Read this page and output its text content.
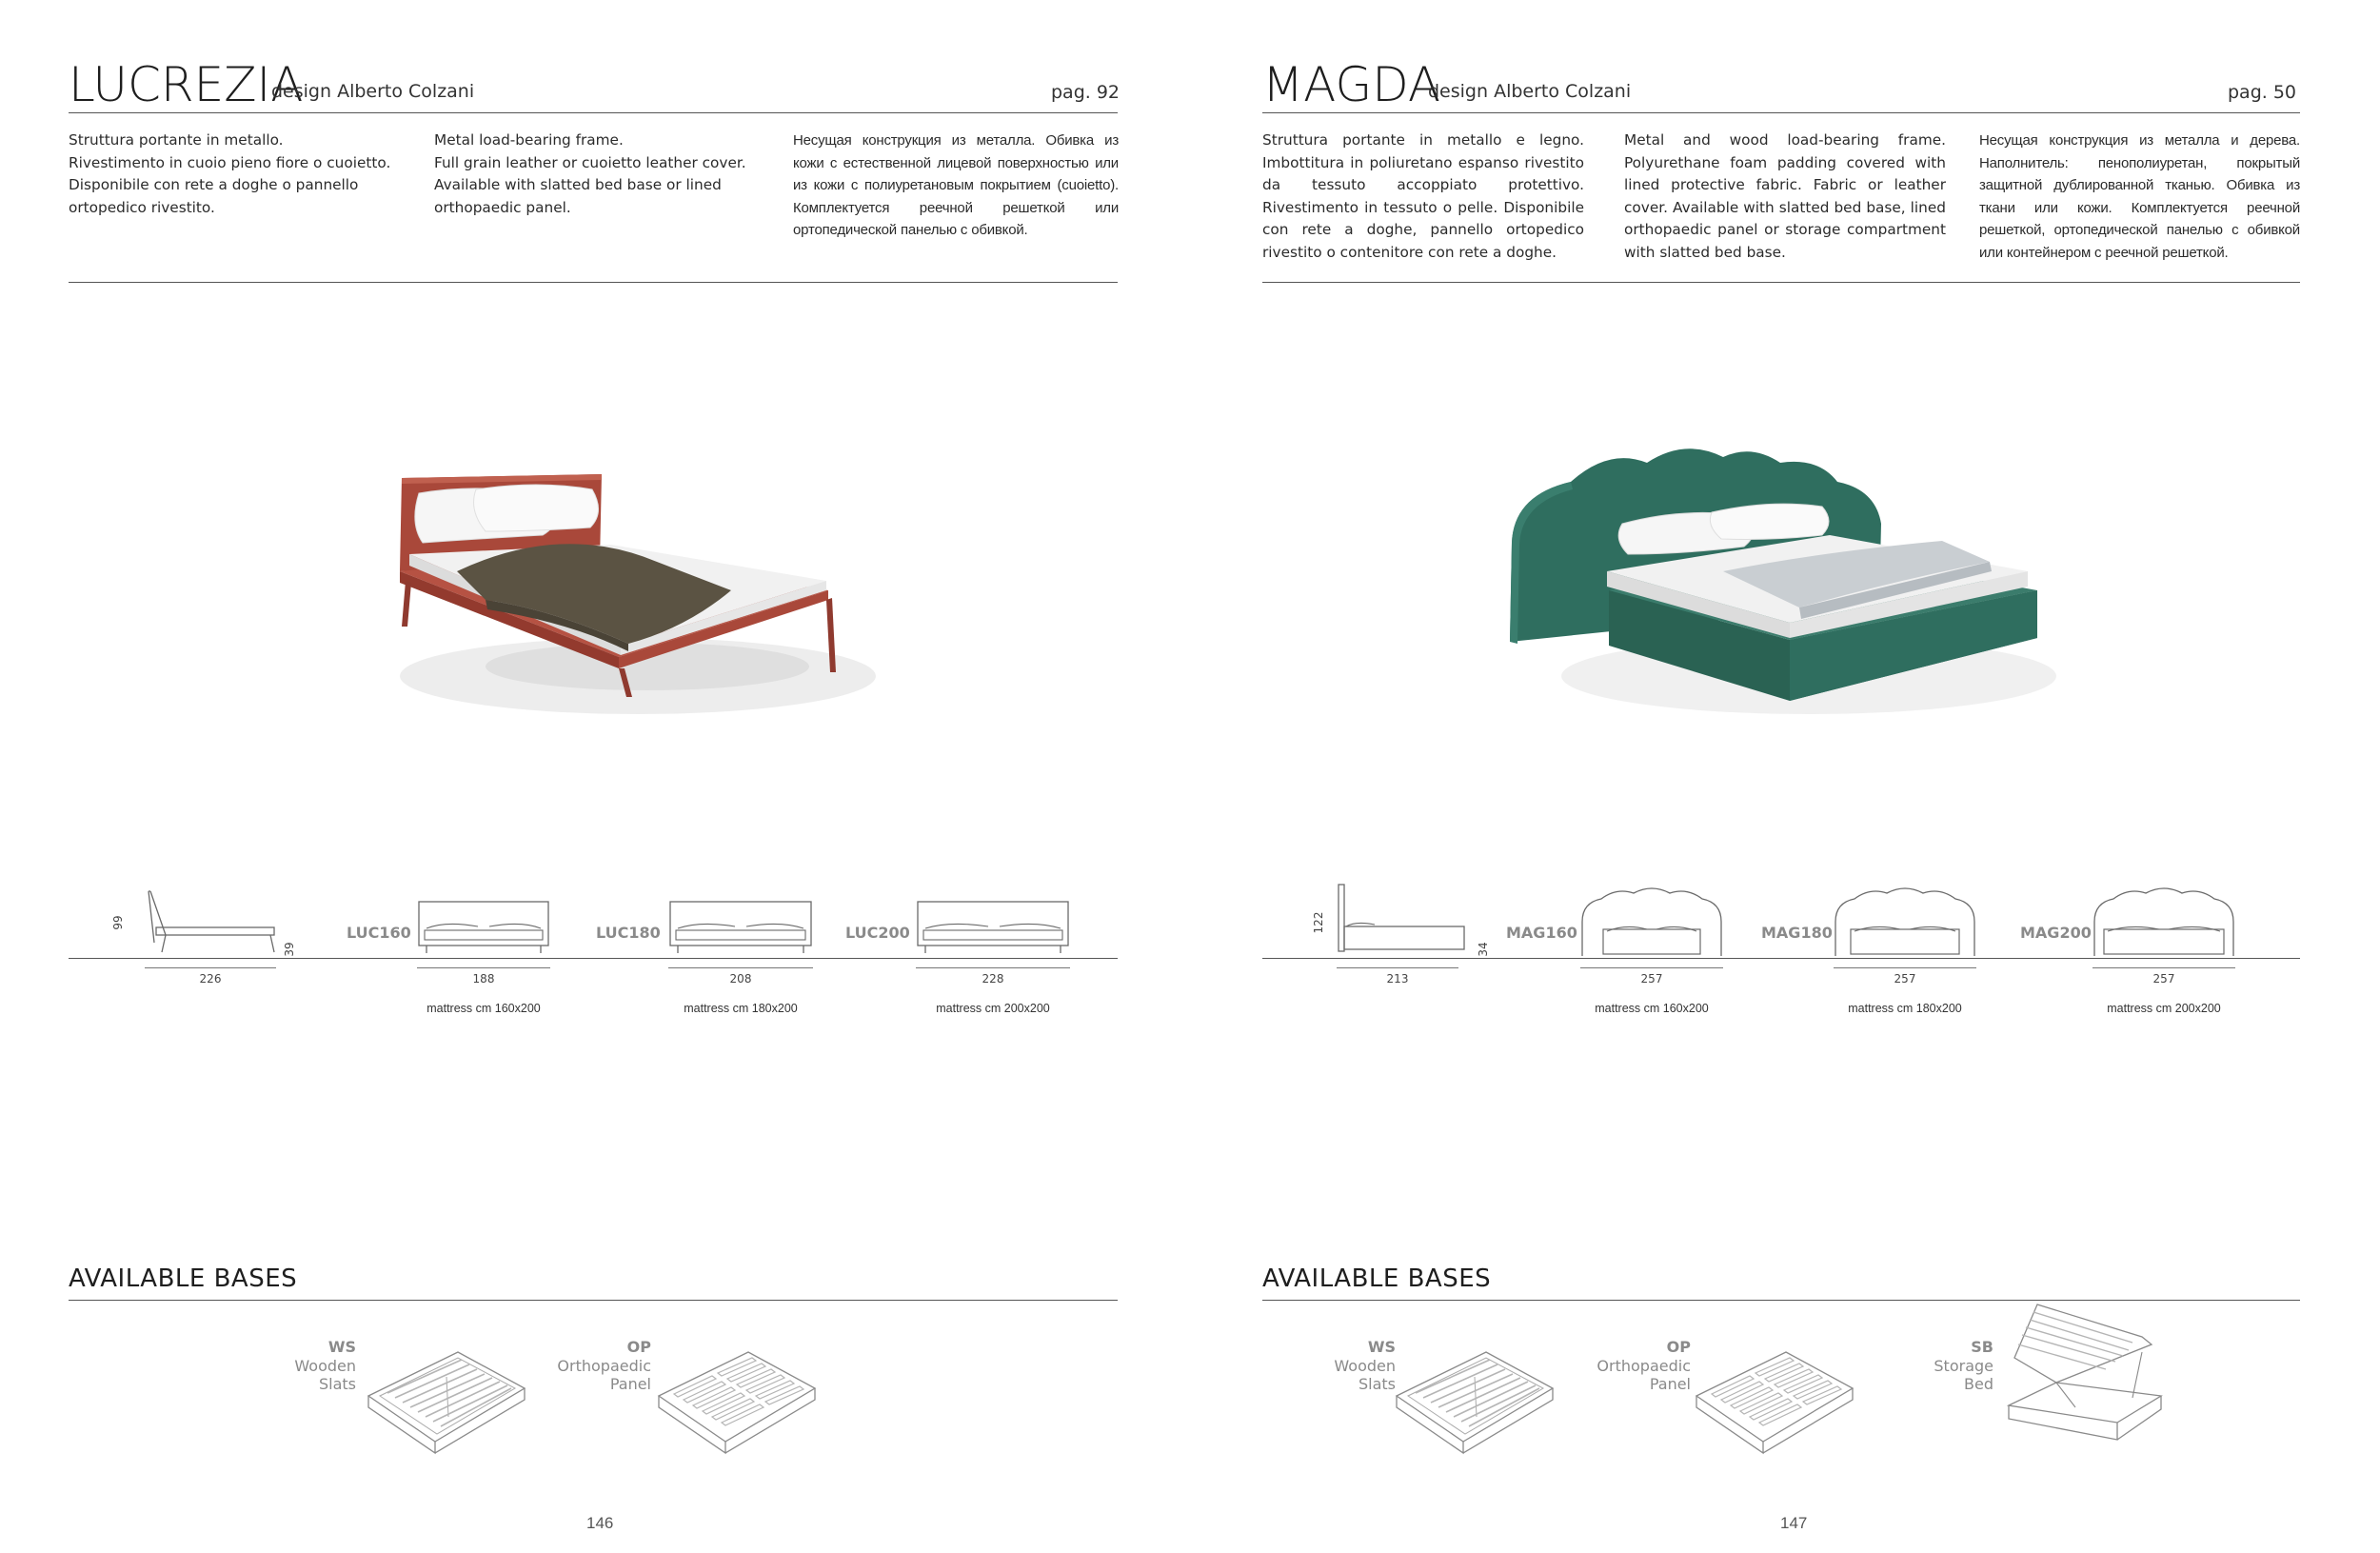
LUCREZIA
design Alberto Colzani	pag. 92
Struttura portante in metallo.
Rivestimento in cuoio pieno fiore o cuoietto.
Disponibile con rete a doghe o pannello
ortopedico rivestito.
Metal load-bearing frame.
Full grain leather or cuoietto leather cover.
Available with slatted bed base or lined
orthopaedic panel.
Несущая конструкция из металла. Обивка из кожи с естественной лицевой поверхностью или из кожи с полиуретановым покрытием (cuoietto). Комплектуется реечной решеткой или ортопедической панелью с обивкой.
99
39
226
LUC160
188
mattress cm 160x200
LUC180
208
mattress cm 180x200
LUC200
228
mattress cm 200x200
AVAILABLE BASES
WS
Wooden
Slats
OP
Orthopaedic
Panel
146
MAGDA
design Alberto Colzani	pag. 50
Struttura portante in metallo e legno. Imbottitura in poliuretano espanso rivestito da tessuto accoppiato protettivo. Rivestimento in tessuto o pelle. Disponibile con rete a doghe, pannello ortopedico rivestito o contenitore con rete a doghe.
Metal and wood load-bearing frame. Polyurethane foam padding covered with lined protective fabric. Fabric or leather cover. Available with slatted bed base, lined orthopaedic panel or storage compartment with slatted bed base.
Несущая конструкция из металла и дерева. Наполнитель: пенополиуретан, покрытый защитной дублированной тканью. Обивка из ткани или кожи. Комплектуется реечной решеткой, ортопедической панелью с обивкой или контейнером с реечной решеткой.
122
34
213
MAG160
257
mattress cm 160x200
MAG180
257
mattress cm 180x200
MAG200
257
mattress cm 200x200
AVAILABLE BASES
WS
Wooden
Slats
OP
Orthopaedic
Panel
SB
Storage
Bed
147
